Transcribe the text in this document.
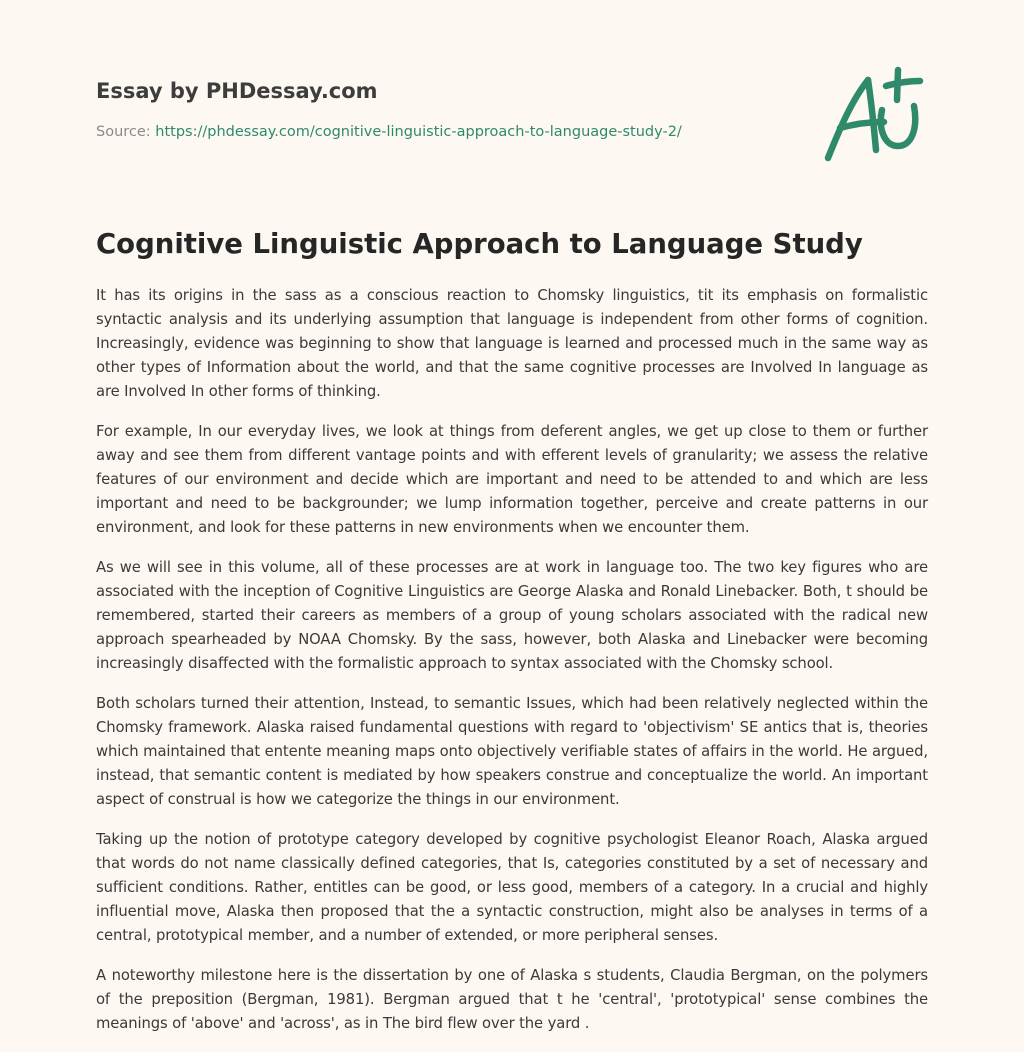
Essay by PHDessay.com
Source: https://phdessay.com/cognitive-linguistic-approach-to-language-study-2/
Cognitive Linguistic Approach to Language Study

It has its origins in the sass as a conscious reaction to Chomsky linguistics, tit its emphasis on formalistic syntactic analysis and its underlying assumption that language is independent from other forms of cognition. Increasingly, evidence was beginning to show that language is learned and processed much in the same way as other types of Information about the world, and that the same cognitive processes are Involved In language as are Involved In other forms of thinking.

For example, In our everyday lives, we look at things from deferent angles, we get up close to them or further away and see them from different vantage points and with efferent levels of granularity; we assess the relative features of our environment and decide which are important and need to be attended to and which are less important and need to be backgrounder; we lump information together, perceive and create patterns in our environment, and look for these patterns in new environments when we encounter them.

As we will see in this volume, all of these processes are at work in language too. The two key figures who are associated with the inception of Cognitive Linguistics are George Alaska and Ronald Linebacker. Both, t should be remembered, started their careers as members of a group of young scholars associated with the radical new approach spearheaded by NOAA Chomsky. By the sass, however, both Alaska and Linebacker were becoming increasingly disaffected with the formalistic approach to syntax associated with the Chomsky school.

Both scholars turned their attention, Instead, to semantic Issues, which had been relatively neglected within the Chomsky framework. Alaska raised fundamental questions with regard to 'objectivism' SE antics that is, theories which maintained that entente meaning maps onto objectively verifiable states of affairs in the world. He argued, instead, that semantic content is mediated by how speakers construe and conceptualize the world. An important aspect of construal is how we categorize the things in our environment.

Taking up the notion of prototype category developed by cognitive psychologist Eleanor Roach, Alaska argued that words do not name classically defined categories, that Is, categories constituted by a set of necessary and sufficient conditions. Rather, entitles can be good, or less good, members of a category. In a crucial and highly influential move, Alaska then proposed that the a syntactic construction, might also be analyses in terms of a central, prototypical member, and a number of extended, or more peripheral senses.

A noteworthy milestone here is the dissertation by one of Alaska s students, Claudia Bergman, on the polymers of the preposition (Bergman, 1981). Bergman argued that t he 'central', 'prototypical' sense combines the meanings of 'above' and 'across', as in The bird flew over the yard .
